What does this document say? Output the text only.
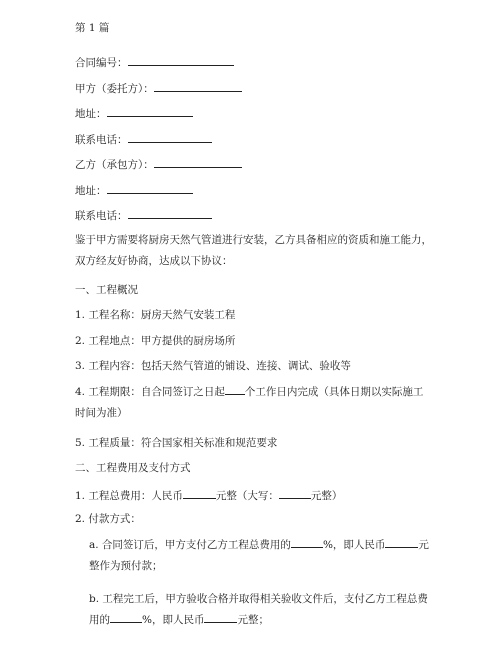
第 1 篇
合同编号：
甲方（委托方）：
地址：
联系电话：
乙方（承包方）：
地址：
联系电话：
鉴于甲方需要将厨房天然气管道进行安装，乙方具备相应的资质和施工能力，双方经友好协商，达成以下协议：
一、工程概况
1. 工程名称：厨房天然气安装工程
2. 工程地点：甲方提供的厨房场所
3. 工程内容：包括天然气管道的铺设、连接、调试、验收等
4. 工程期限：自合同签订之日起 个工作日内完成（具体日期以实际施工时间为准）
5. 工程质量：符合国家相关标准和规范要求
二、工程费用及支付方式
1. 工程总费用：人民币	元整（大写：	元整）
2. 付款方式：
a. 合同签订后，甲方支付乙方工程总费用的	%，即人民币	元整作为预付款；
b. 工程完工后，甲方验收合格并取得相关验收文件后，支付乙方工程总费用的	%，即人民币	元整；
